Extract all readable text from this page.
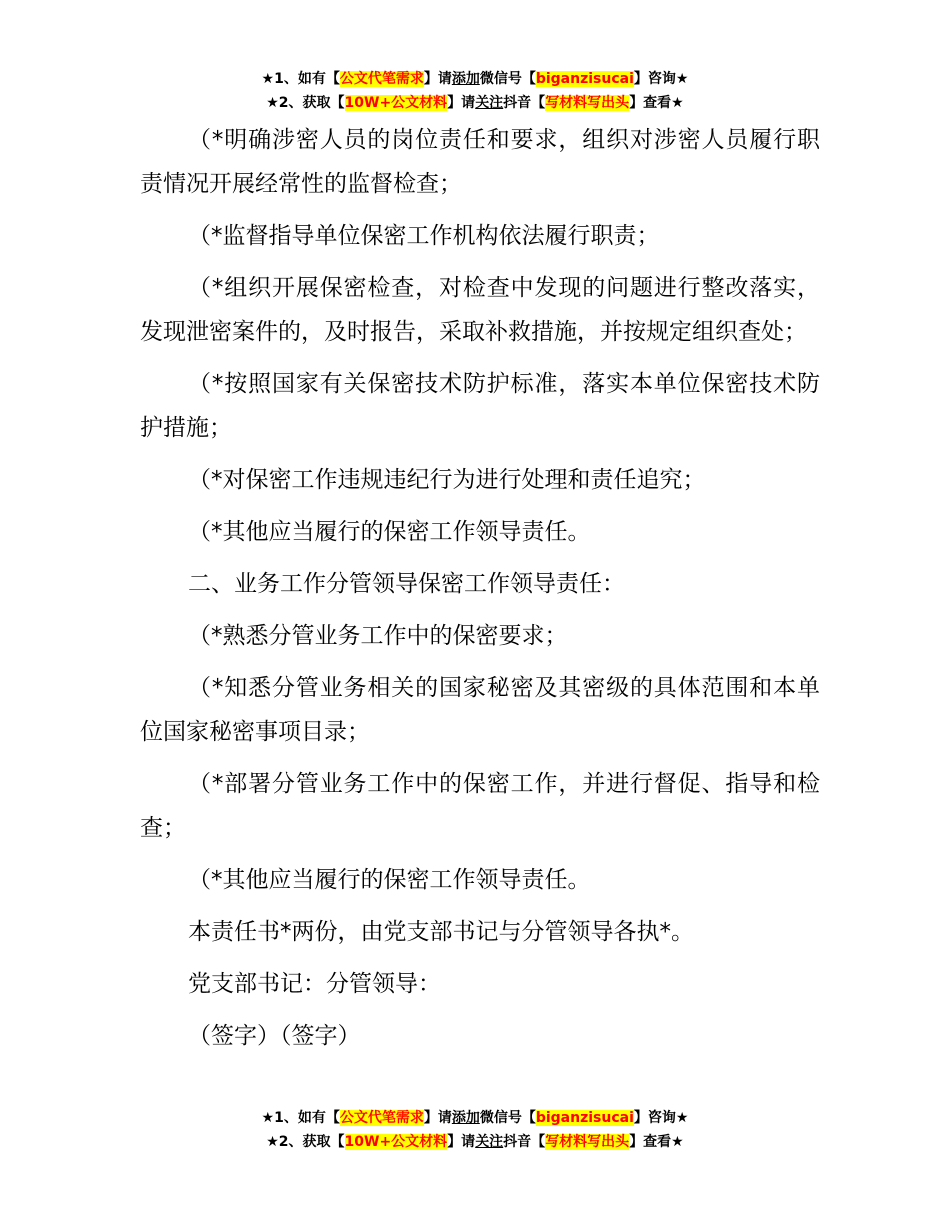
★1、如有【公文代笔需求】请添加微信号【biganzisucai】咨询★
★2、获取【10W+公文材料】请关注抖音【写材料写出头】查看★

（*明确涉密人员的岗位责任和要求，组织对涉密人员履行职责情况开展经常性的监督检查；

（*监督指导单位保密工作机构依法履行职责；

（*组织开展保密检查，对检查中发现的问题进行整改落实，发现泄密案件的，及时报告，采取补救措施，并按规定组织查处；

（*按照国家有关保密技术防护标准，落实本单位保密技术防护措施；

（*对保密工作违规违纪行为进行处理和责任追究；

（*其他应当履行的保密工作领导责任。

二、业务工作分管领导保密工作领导责任：

（*熟悉分管业务工作中的保密要求；

（*知悉分管业务相关的国家秘密及其密级的具体范围和本单位国家秘密事项目录；

（*部署分管业务工作中的保密工作，并进行督促、指导和检查；

（*其他应当履行的保密工作领导责任。

本责任书*两份，由党支部书记与分管领导各执*。

党支部书记：分管领导：

（签字）（签字）

★1、如有【公文代笔需求】请添加微信号【biganzisucai】咨询★
★2、获取【10W+公文材料】请关注抖音【写材料写出头】查看★
